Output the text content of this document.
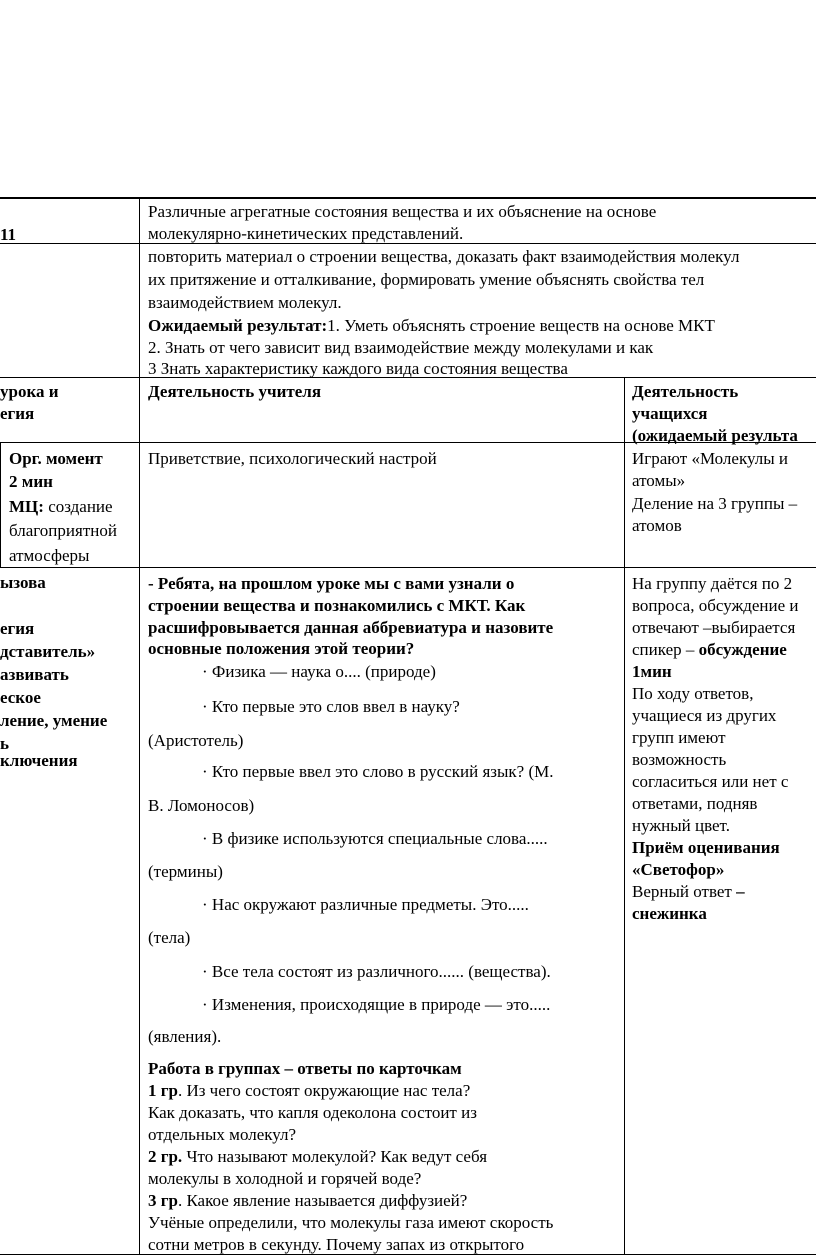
11
Различные агрегатные состояния вещества и их объяснение на основе
молекулярно-кинетических представлений.
повторить материал о строении вещества, доказать факт взаимодействия молекул
их притяжение и отталкивание, формировать умение объяснять свойства тел
взаимодействием молекул.
Ожидаемый результат:1. Уметь объяснять строение веществ на основе МКТ
2. Знать от чего зависит вид взаимодействие между молекулами и как
3 Знать характеристику каждого вида состояния вещества
урока и
егия
Деятельность учителя	Деятельность
учащихся
(ожидаемый результа
Орг. момент
2 мин
МЦ: создание
благоприятной
атмосферы
Приветствие, психологический настрой	Играют «Молекулы и
атомы»
Деление на 3 группы –
атомов
ызова
егия
дставитель»
азвивать
еское
ление, умение
ь
ключения
- Ребята, на прошлом уроке мы с вами узнали о
строении вещества и познакомились с МКТ. Как
расшифровывается данная аббревиатура и назовите
основные положения этой теории?
· Физика — наука о.... (природе)
· Кто первые это слов ввел в науку?
(Аристотель)
· Кто первые ввел это слово в русский язык? (М.
В. Ломоносов)
· В физике используются специальные слова.....
(термины)
· Нас окружают различные предметы. Это.....
(тела)
· Все тела состоят из различного...... (вещества).
· Изменения, происходящие в природе — это.....
(явления).
Работа в группах – ответы по карточкам
1 гр. Из чего состоят окружающие нас тела?
Как доказать, что капля одеколона состоит из
отдельных молекул?
2 гр. Что называют молекулой? Как ведут себя
молекулы в холодной и горячей воде?
3 гр. Какое явление называется диффузией?
Учёные определили, что молекулы газа имеют скорость
сотни метров в секунду. Почему запах из открытого
На группу даётся по 2
вопроса, обсуждение и
отвечают –выбирается
спикер – обсуждение
1мин
По ходу ответов,
учащиеся из других
групп имеют
возможность
согласиться или нет с
ответами, подняв
нужный цвет.
Приём оценивания
«Светофор»
Верный ответ –
снежинка
